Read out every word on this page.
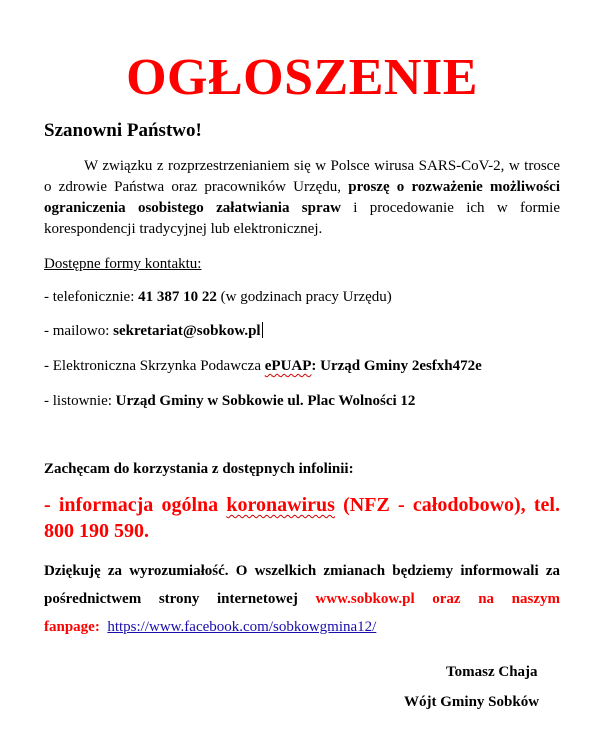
OGŁOSZENIE
Szanowni Państwo!
W związku z rozprzestrzenianiem się w Polsce wirusa SARS-CoV-2, w trosce o zdrowie Państwa oraz pracowników Urzędu, proszę o rozważenie możliwości ograniczenia osobistego załatwiania spraw i procedowanie ich w formie korespondencji tradycyjnej lub elektronicznej.
Dostępne formy kontaktu:
- telefonicznie: 41 387 10 22 (w godzinach pracy Urzędu)
- mailowo: sekretariat@sobkow.pl
- Elektroniczna Skrzynka Podawcza ePUAP: Urząd Gminy 2esfxh472e
- listownie: Urząd Gminy w Sobkowie ul. Plac Wolności 12
Zachęcam do korzystania z dostępnych infolinii:
- informacja ogólna koronawirus (NFZ - całodobowo), tel. 800 190 590.
Dziękuję za wyrozumiałość. O wszelkich zmianach będziemy informowali za pośrednictwem strony internetowej www.sobkow.pl oraz na naszym fanpage: https://www.facebook.com/sobkowgmina12/
Tomasz Chaja
Wójt Gminy Sobków
